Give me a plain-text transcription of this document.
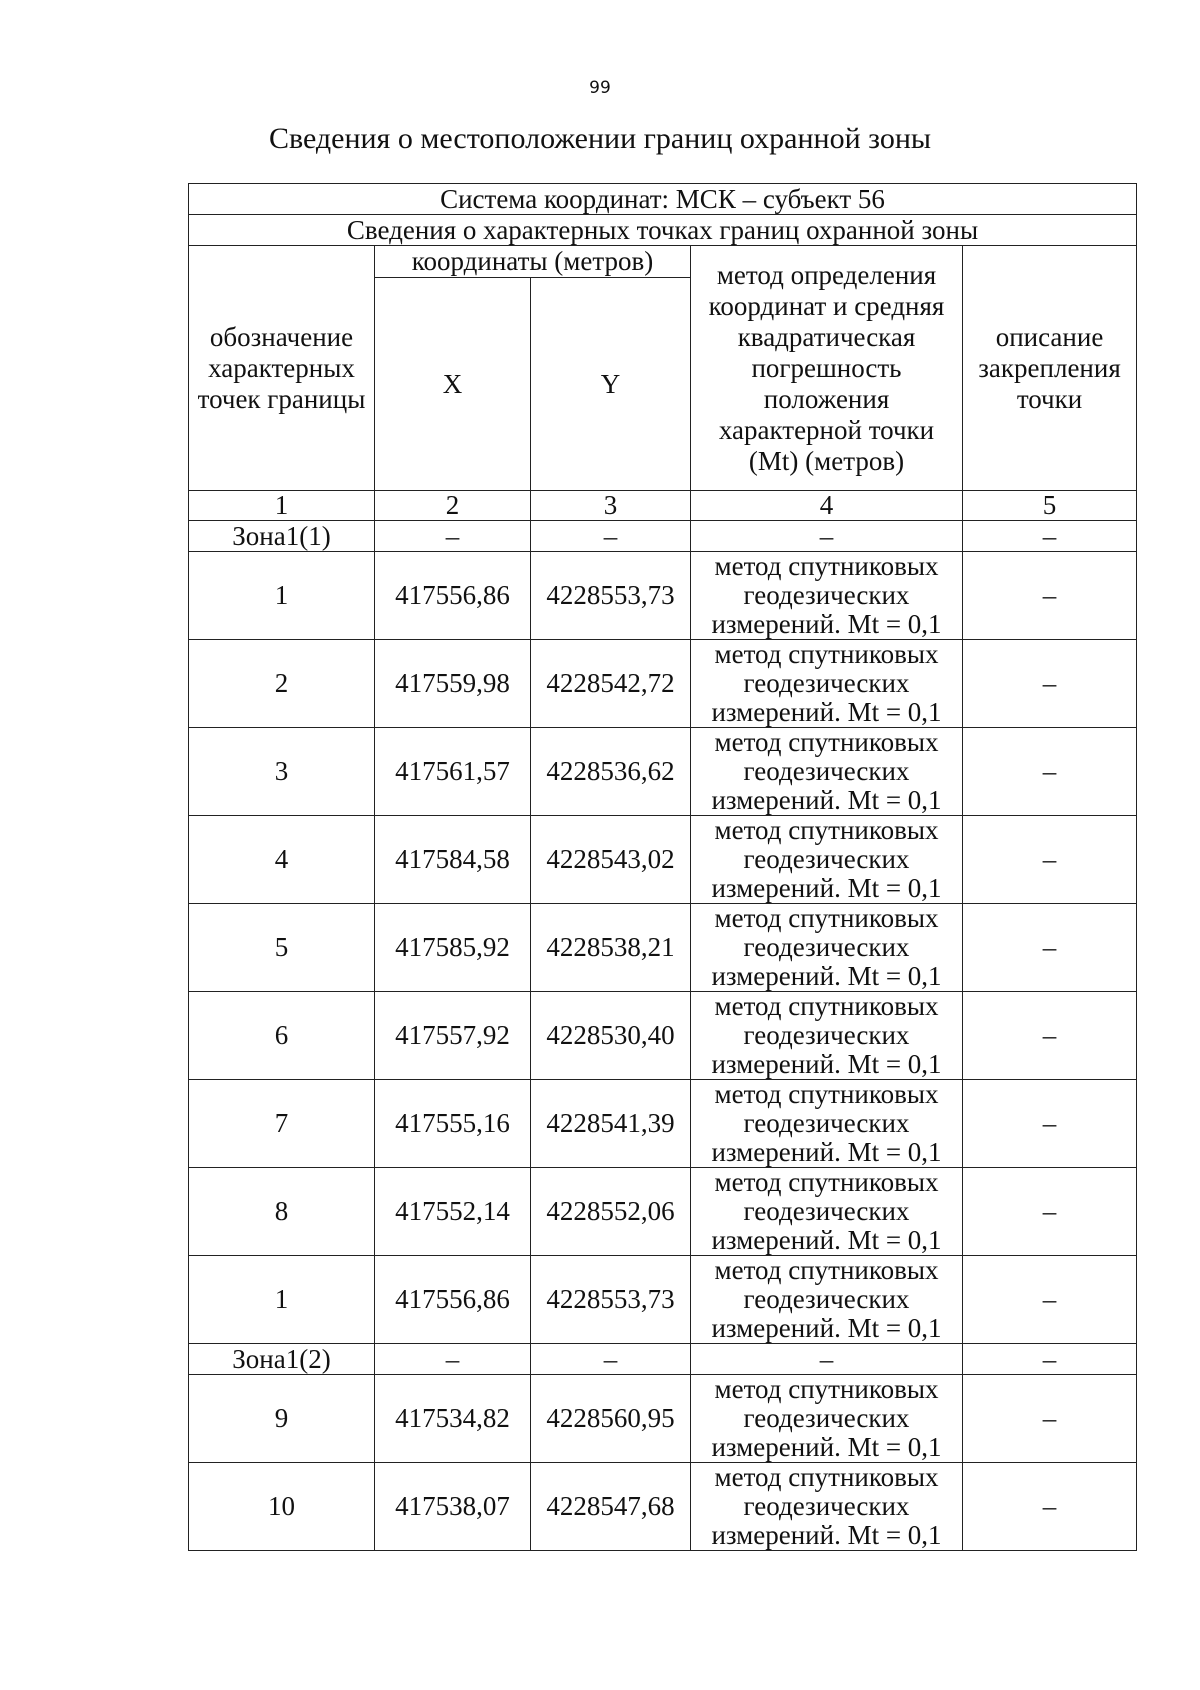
99
Сведения о местоположении границ охранной зоны
Система координат: МСК – субъект 56				
Сведения о характерных точках границ охранной зоны				
обозначение характерных точек границы	координаты (метров)		метод определения координат и средняя квадратическая погрешность положения характерной точки (Mt) (метров)	описание закрепления точки
	X	Y		
1	2	3	4	5
Зона1(1)	–	–	–	–
1	417556,86	4228553,73	метод спутниковых геодезических измерений. Mt = 0,1	–
2	417559,98	4228542,72	метод спутниковых геодезических измерений. Mt = 0,1	–
3	417561,57	4228536,62	метод спутниковых геодезических измерений. Mt = 0,1	–
4	417584,58	4228543,02	метод спутниковых геодезических измерений. Mt = 0,1	–
5	417585,92	4228538,21	метод спутниковых геодезических измерений. Mt = 0,1	–
6	417557,92	4228530,40	метод спутниковых геодезических измерений. Mt = 0,1	–
7	417555,16	4228541,39	метод спутниковых геодезических измерений. Mt = 0,1	–
8	417552,14	4228552,06	метод спутниковых геодезических измерений. Mt = 0,1	–
1	417556,86	4228553,73	метод спутниковых геодезических измерений. Mt = 0,1	–
Зона1(2)	–	–	–	–
9	417534,82	4228560,95	метод спутниковых геодезических измерений. Mt = 0,1	–
10	417538,07	4228547,68	метод спутниковых геодезических измерений. Mt = 0,1	–
